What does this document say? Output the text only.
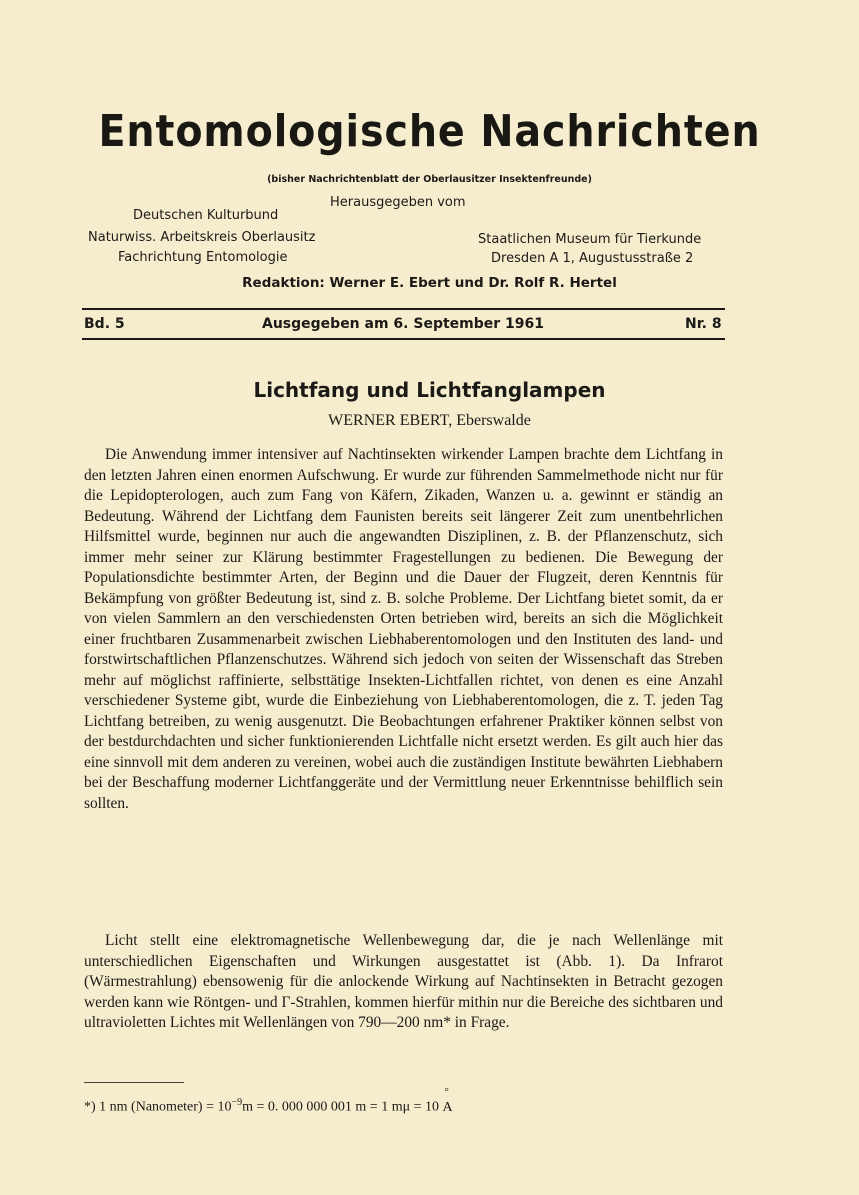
Entomologische Nachrichten
(bisher Nachrichtenblatt der Oberlausitzer Insektenfreunde)
Herausgegeben vom
Deutschen Kulturbund
Naturwiss. Arbeitskreis Oberlausitz
Fachrichtung Entomologie
Staatlichen Museum für Tierkunde
Dresden A 1, Augustusstraße 2
Redaktion: Werner E. Ebert und Dr. Rolf R. Hertel
Bd. 5	Ausgegeben am 6. September 1961	Nr. 8
Lichtfang und Lichtfanglampen
WERNER EBERT, Eberswalde
Die Anwendung immer intensiver auf Nachtinsekten wirkender Lampen brachte dem Lichtfang in den letzten Jahren einen enormen Aufschwung. Er wurde zur führenden Sammelmethode nicht nur für die Lepidopterologen, auch zum Fang von Käfern, Zikaden, Wanzen u. a. gewinnt er ständig an Bedeutung. Während der Lichtfang dem Faunisten bereits seit längerer Zeit zum unentbehrlichen Hilfsmittel wurde, beginnen nur auch die angewandten Disziplinen, z. B. der Pflanzenschutz, sich immer mehr seiner zur Klärung bestimmter Fragestellungen zu bedienen. Die Bewegung der Populationsdichte bestimmter Arten, der Beginn und die Dauer der Flugzeit, deren Kenntnis für Bekämpfung von größter Bedeutung ist, sind z. B. solche Probleme. Der Lichtfang bietet somit, da er von vielen Sammlern an den verschiedensten Orten betrieben wird, bereits an sich die Möglichkeit einer fruchtbaren Zusammenarbeit zwischen Liebhaberentomologen und den Instituten des land- und forstwirtschaftlichen Pflanzenschutzes. Während sich jedoch von seiten der Wissenschaft das Streben mehr auf möglichst raffinierte, selbsttätige Insekten-Lichtfallen richtet, von denen es eine Anzahl verschiedener Systeme gibt, wurde die Einbeziehung von Liebhaberentomologen, die z. T. jeden Tag Lichtfang betreiben, zu wenig ausgenutzt. Die Beobachtungen erfahrener Praktiker können selbst von der bestdurchdachten und sicher funktionierenden Lichtfalle nicht ersetzt werden. Es gilt auch hier das eine sinnvoll mit dem anderen zu vereinen, wobei auch die zuständigen Institute bewährten Liebhabern bei der Beschaffung moderner Lichtfanggeräte und der Vermittlung neuer Erkenntnisse behilflich sein sollten.
Licht stellt eine elektromagnetische Wellenbewegung dar, die je nach Wellenlänge mit unterschiedlichen Eigenschaften und Wirkungen ausgestattet ist (Abb. 1). Da Infrarot (Wärmestrahlung) ebensowenig für die anlockende Wirkung auf Nachtinsekten in Betracht gezogen werden kann wie Röntgen- und Γ-Strahlen, kommen hierfür mithin nur die Bereiche des sichtbaren und ultravioletten Lichtes mit Wellenlängen von 790—200 nm* in Frage.
*) 1 nm (Nanometer) = $10^{-9}m = 0$. 000 000 001 m = 1 mμ = 10 ° A
